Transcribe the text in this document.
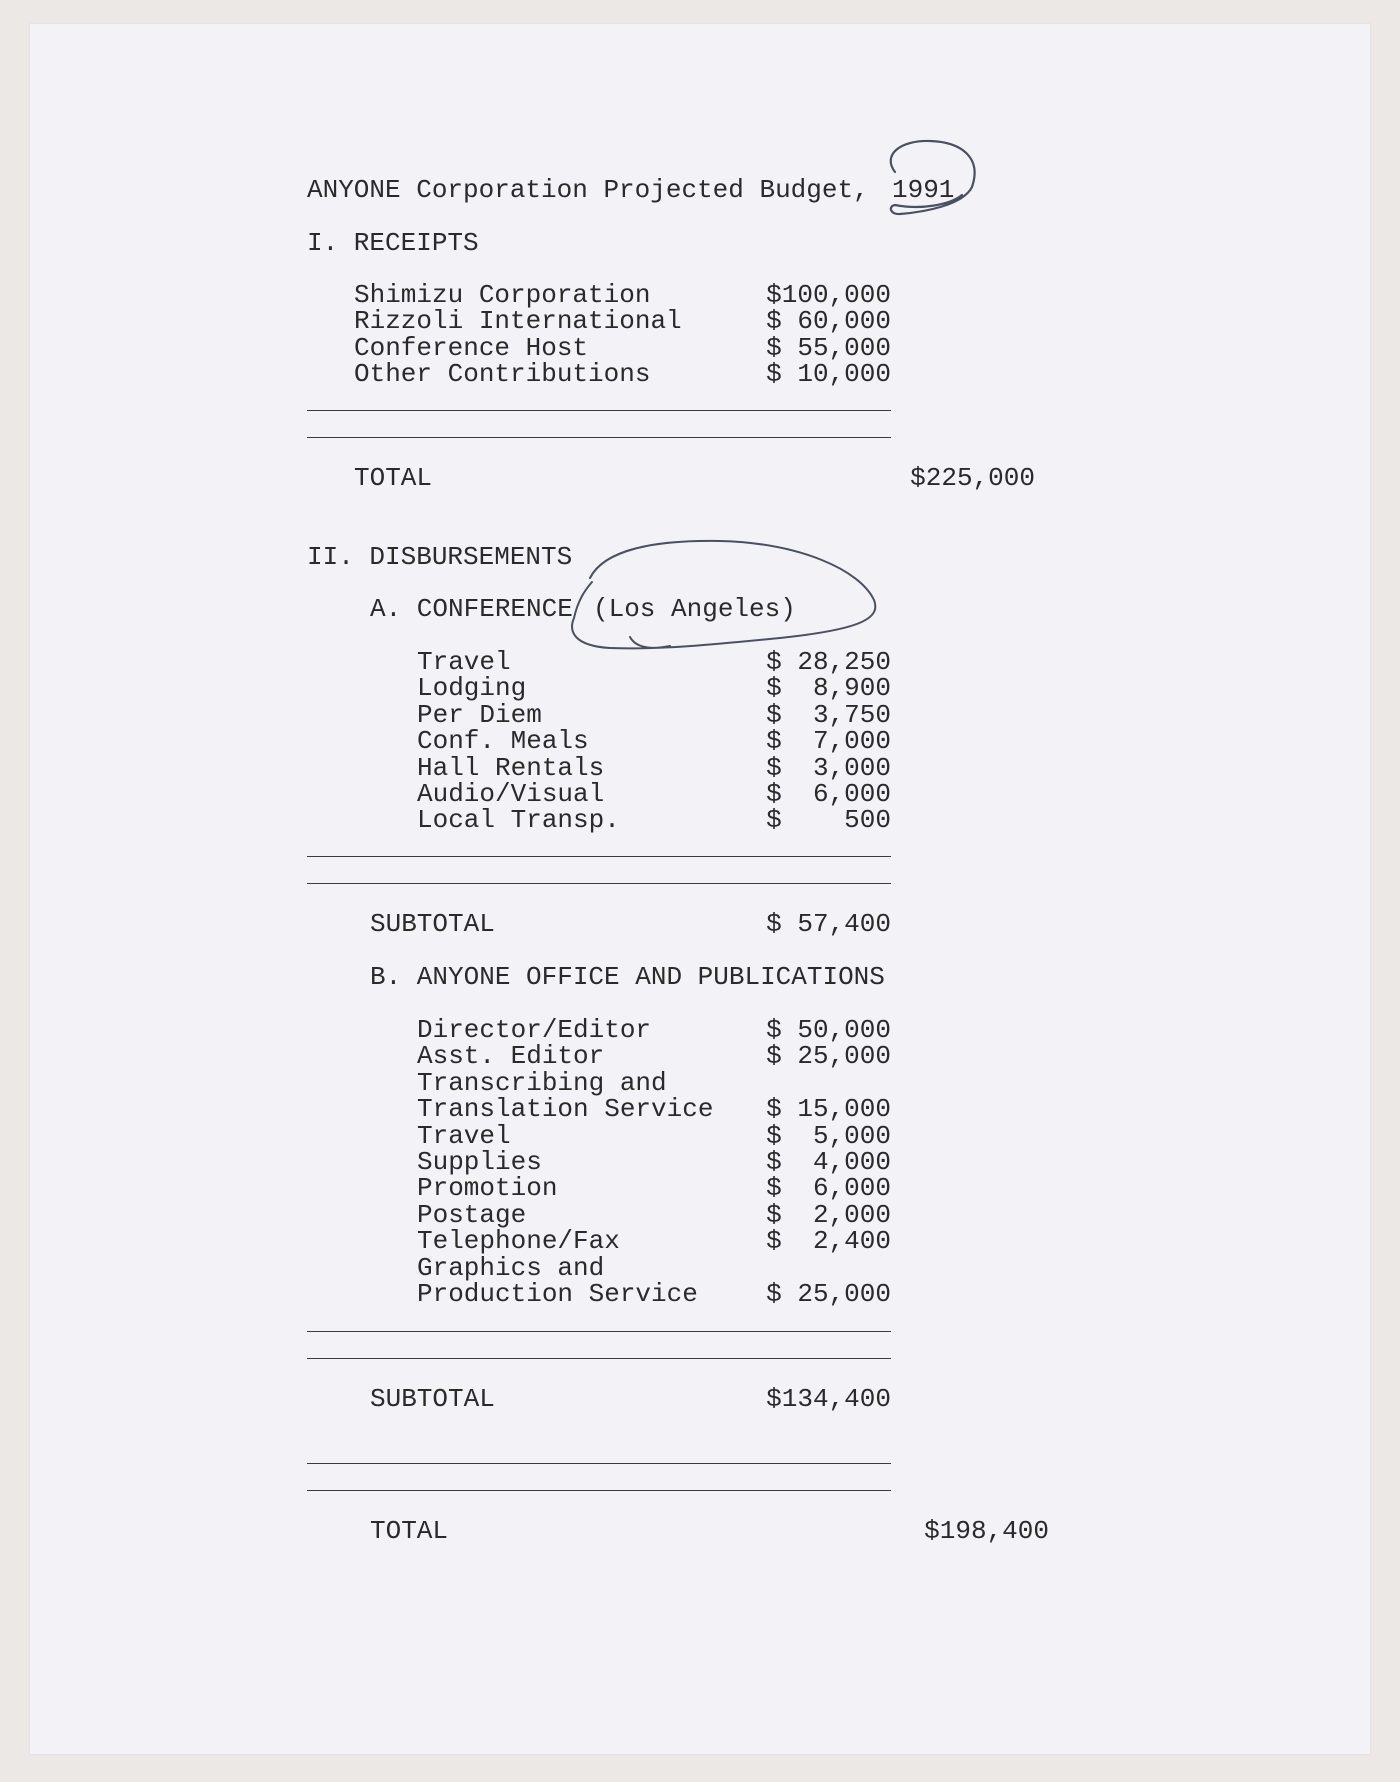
ANYONE Corporation Projected Budget, 1991
I. RECEIPTS
Shimizu Corporation	$100,000
Rizzoli International	$ 60,000
Conference Host	$ 55,000
Other Contributions	$ 10,000
TOTAL	$225,000
II. DISBURSEMENTS
A. CONFERENCE (Los Angeles)
Travel	$ 28,250
Lodging	$  8,900
Per Diem	$  3,750
Conf. Meals	$  7,000
Hall Rentals	$  3,000
Audio/Visual	$  6,000
Local Transp.	$    500
SUBTOTAL	$ 57,400
B. ANYONE OFFICE AND PUBLICATIONS
Director/Editor	$ 50,000
Asst. Editor	$ 25,000
Transcribing and
Translation Service	$ 15,000
Travel	$  5,000
Supplies	$  4,000
Promotion	$  6,000
Postage	$  2,000
Telephone/Fax	$  2,400
Graphics and
Production Service	$ 25,000
SUBTOTAL	$134,400
TOTAL	$198,400
